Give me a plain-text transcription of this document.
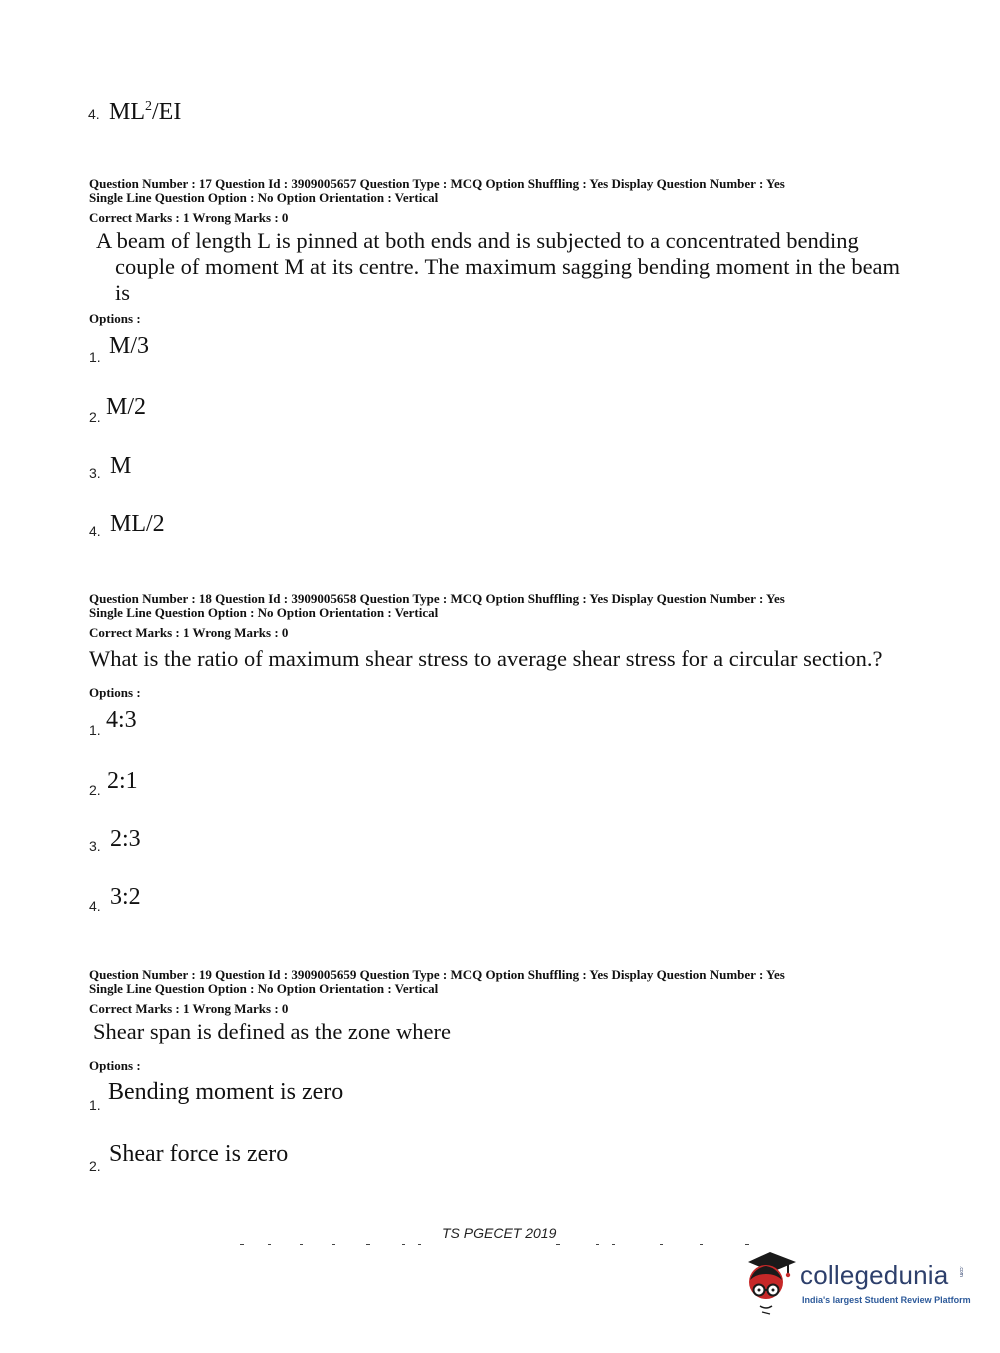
4. $ML^2/EI$
Question Number : 17 Question Id : 3909005657 Question Type : MCQ Option Shuffling : Yes Display Question Number : Yes
Single Line Question Option : No Option Orientation : Vertical
Correct Marks : 1 Wrong Marks : 0
A beam of length L is pinned at both ends and is subjected to a concentrated bending
couple of moment M at its centre. The maximum sagging bending moment in the beam
is
Options :
1. M/3
2. M/2
3. M
4. ML/2
Question Number : 18 Question Id : 3909005658 Question Type : MCQ Option Shuffling : Yes Display Question Number : Yes
Single Line Question Option : No Option Orientation : Vertical
Correct Marks : 1 Wrong Marks : 0
What is the ratio of maximum shear stress to average shear stress for a circular section.?
Options :
1. 4:3
2. 2:1
3. 2:3
4. 3:2
Question Number : 19 Question Id : 3909005659 Question Type : MCQ Option Shuffling : Yes Display Question Number : Yes
Single Line Question Option : No Option Orientation : Vertical
Correct Marks : 1 Wrong Marks : 0
Shear span is defined as the zone where
Options :
1. Bending moment is zero
2. Shear force is zero
TS PGECET 2019
collegedunia .com
India's largest Student Review Platform
